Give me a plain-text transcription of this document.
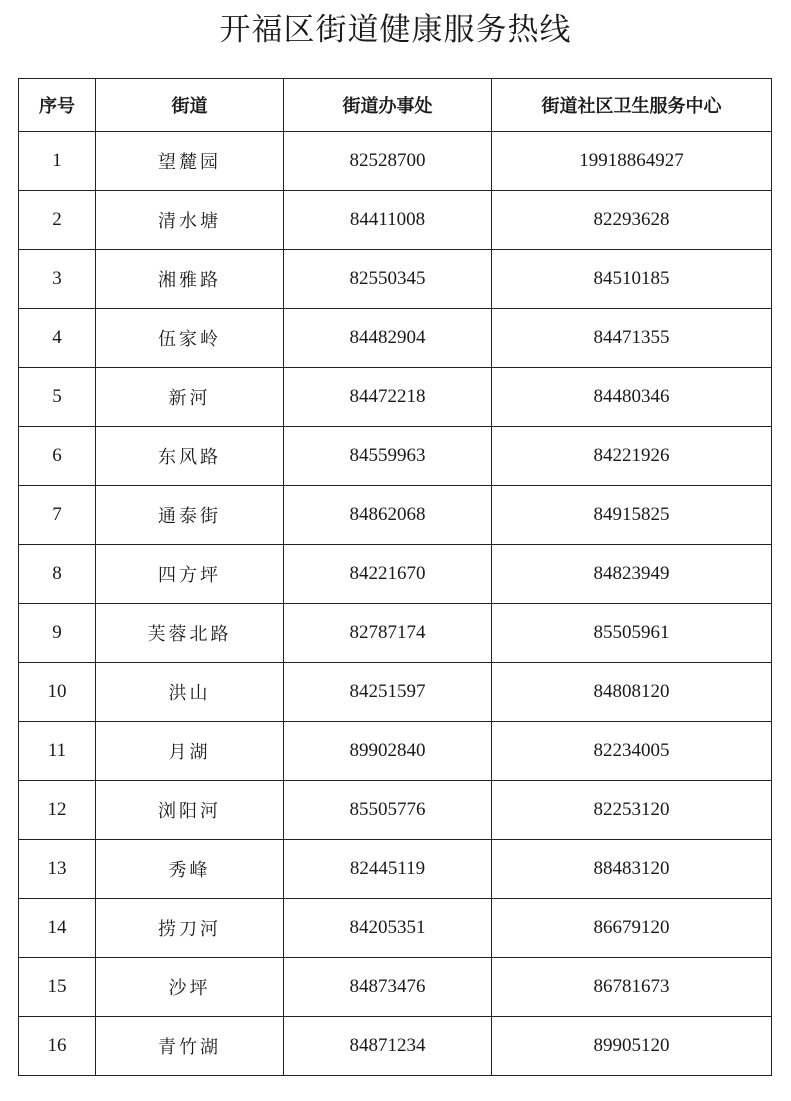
开福区街道健康服务热线
序号	街道	街道办事处	街道社区卫生服务中心
1	望麓园	82528700	19918864927
2	清水塘	84411008	82293628
3	湘雅路	82550345	84510185
4	伍家岭	84482904	84471355
5	新河	84472218	84480346
6	东风路	84559963	84221926
7	通泰街	84862068	84915825
8	四方坪	84221670	84823949
9	芙蓉北路	82787174	85505961
10	洪山	84251597	84808120
11	月湖	89902840	82234005
12	浏阳河	85505776	82253120
13	秀峰	82445119	88483120
14	捞刀河	84205351	86679120
15	沙坪	84873476	86781673
16	青竹湖	84871234	89905120
